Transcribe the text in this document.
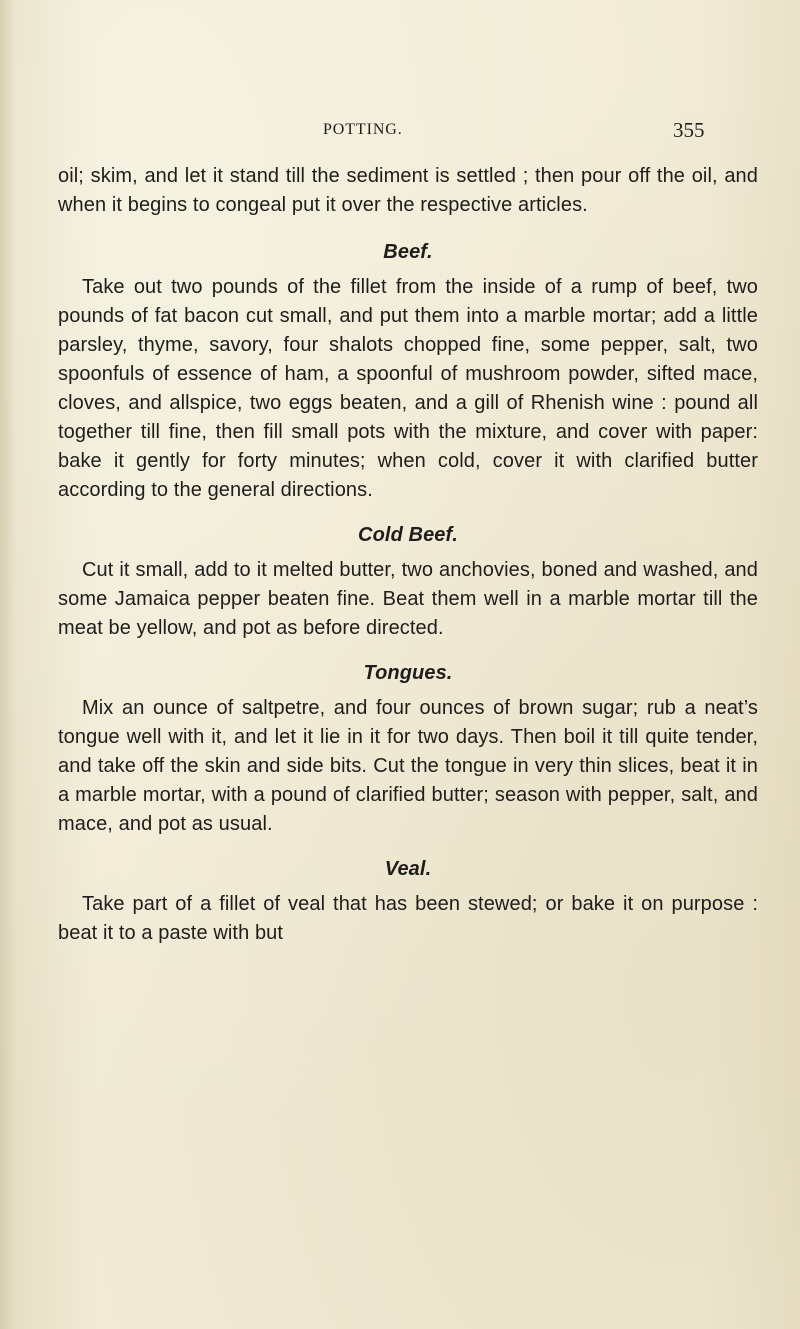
POTTING.	355

oil; skim, and let it stand till the sediment is settled ; then pour off the oil, and when it begins to congeal put it over the respective articles.

Beef.

Take out two pounds of the fillet from the inside of a rump of beef, two pounds of fat bacon cut small, and put them into a marble mortar; add a little parsley, thyme, savory, four shalots chopped fine, some pepper, salt, two spoonfuls of essence of ham, a spoonful of mushroom powder, sifted mace, cloves, and allspice, two eggs beaten, and a gill of Rhenish wine : pound all together till fine, then fill small pots with the mixture, and cover with paper: bake it gently for forty minutes; when cold, cover it with clarified butter according to the general directions.

Cold Beef.

Cut it small, add to it melted butter, two anchovies, boned and washed, and some Jamaica pepper beaten fine. Beat them well in a marble mortar till the meat be yellow, and pot as before directed.

Tongues.

Mix an ounce of saltpetre, and four ounces of brown sugar; rub a neat’s tongue well with it, and let it lie in it for two days. Then boil it till quite tender, and take off the skin and side bits. Cut the tongue in very thin slices, beat it in a marble mortar, with a pound of clarified butter; season with pepper, salt, and mace, and pot as usual.

Veal.

Take part of a fillet of veal that has been stewed; or bake it on purpose : beat it to a paste with but
